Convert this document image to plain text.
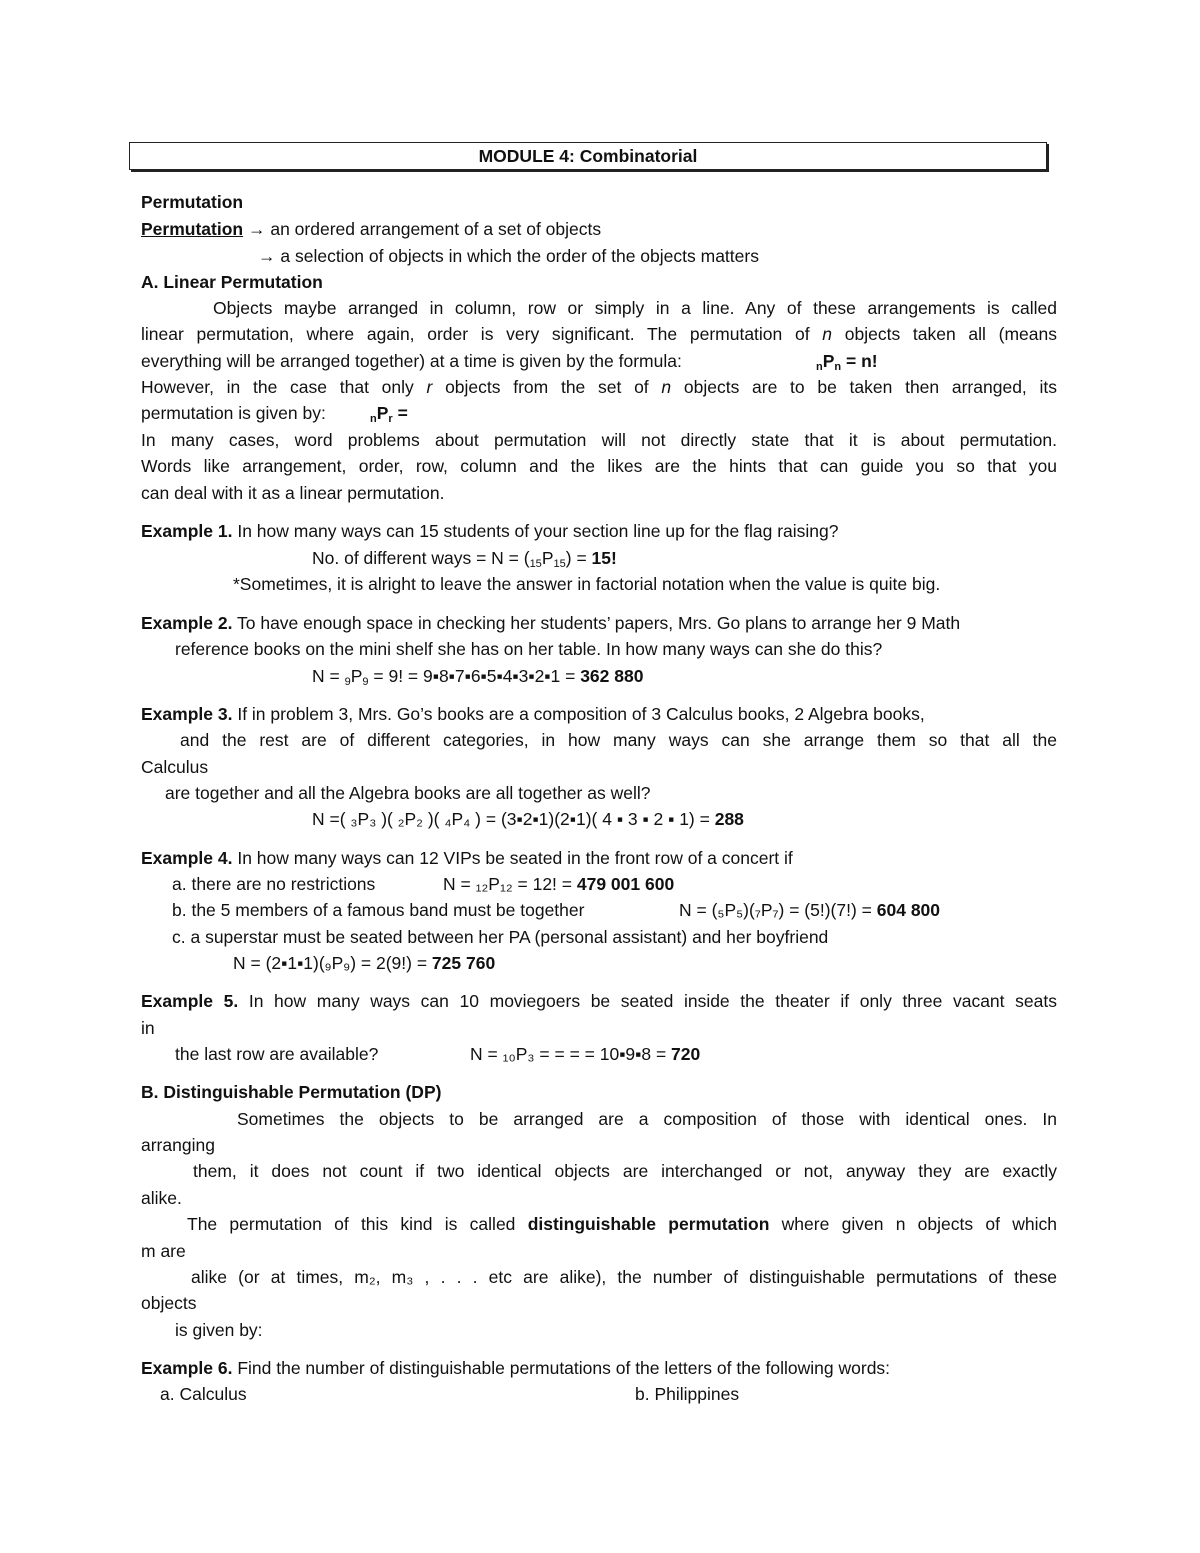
MODULE 4: Combinatorial
Permutation
Permutation → an ordered arrangement of a set of objects
→ a selection of objects in which the order of the objects matters
A. Linear Permutation
Objects maybe arranged in column, row or simply in a line. Any of these arrangements is called
linear permutation, where again, order is very significant. The permutation of n objects taken all (means
everything will be arranged together) at a time is given by the formula:	$_nP_n = n$!
However, in the case that only r objects from the set of n objects are to be taken then arranged, its
permutation is given by:	$_nP_r$ =
In many cases, word problems about permutation will not directly state that it is about permutation.
Words like arrangement, order, row, column and the likes are the hints that can guide you so that you
can deal with it as a linear permutation.
Example 1. In how many ways can 15 students of your section line up for the flag raising?
No. of different ways = $N = (_{15}P_{15}) = 15$!
*Sometimes, it is alright to leave the answer in factorial notation when the value is quite big.
Example 2. To have enough space in checking her students’ papers, Mrs. Go plans to arrange her 9 Math
reference books on the mini shelf she has on her table. In how many ways can she do this?
$N = _9P_9 = 9$! = 9▪8▪7▪6▪5▪4▪3▪2▪1 = 362 880
Example 3. If in problem 3, Mrs. Go’s books are a composition of 3 Calculus books, 2 Algebra books,
and the rest are of different categories, in how many ways can she arrange them so that all the
Calculus
are together and all the Algebra books are all together as well?
N =( ₃P₃ )( ₂P₂ )( ₄P₄ ) = (3▪2▪1)(2▪1)( 4 ▪ 3 ▪ 2 ▪ 1) = 288
Example 4. In how many ways can 12 VIPs be seated in the front row of a concert if
a. there are no restrictions	N = ₁₂P₁₂ = 12! = 479 001 600
b. the 5 members of a famous band must be together	N = (₅P₅)(₇P₇) = (5!)(7!) = 604 800
c. a superstar must be seated between her PA (personal assistant) and her boyfriend
N = (2▪1▪1)(₉P₉) = 2(9!) = 725 760
Example 5. In how many ways can 10 moviegoers be seated inside the theater if only three vacant seats
in
the last row are available?	N = ₁₀P₃ = = = = 10▪9▪8 = 720
B. Distinguishable Permutation (DP)
Sometimes the objects to be arranged are a composition of those with identical ones. In
arranging
them, it does not count if two identical objects are interchanged or not, anyway they are exactly
alike.
The permutation of this kind is called distinguishable permutation where given n objects of which
m are
alike (or at times, m₂, m₃ , . . . etc are alike), the number of distinguishable permutations of these
objects
is given by:
Example 6. Find the number of distinguishable permutations of the letters of the following words:
a. Calculus	b. Philippines
